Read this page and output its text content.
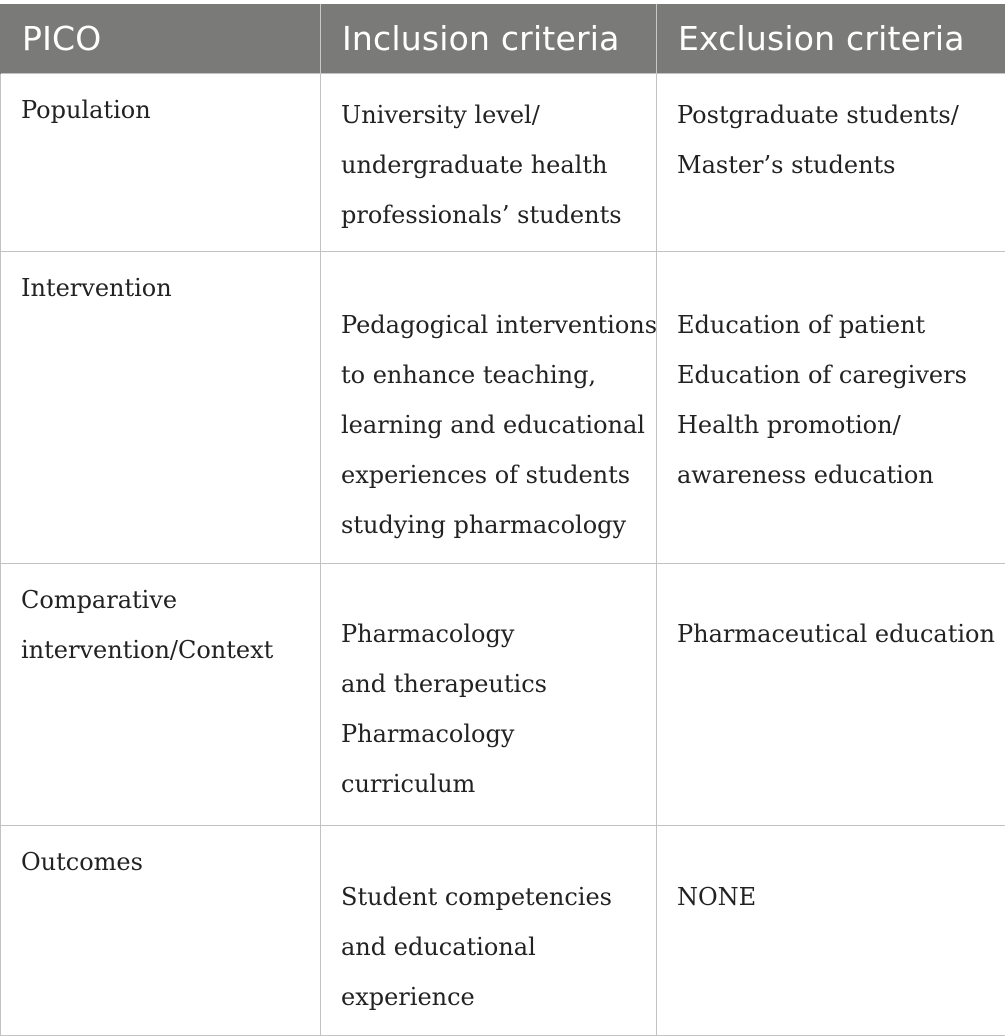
PICO	Inclusion criteria	Exclusion criteria

Population	University level/
undergraduate health
professionals’ students	Postgraduate students/
Master’s students

Intervention	Pedagogical interventions
to enhance teaching,
learning and educational
experiences of students
studying pharmacology	Education of patient
Education of caregivers
Health promotion/
awareness education

Comparative
intervention/Context	Pharmacology
and therapeutics
Pharmacology
curriculum	Pharmaceutical education

Outcomes	Student competencies
and educational
experience	NONE
